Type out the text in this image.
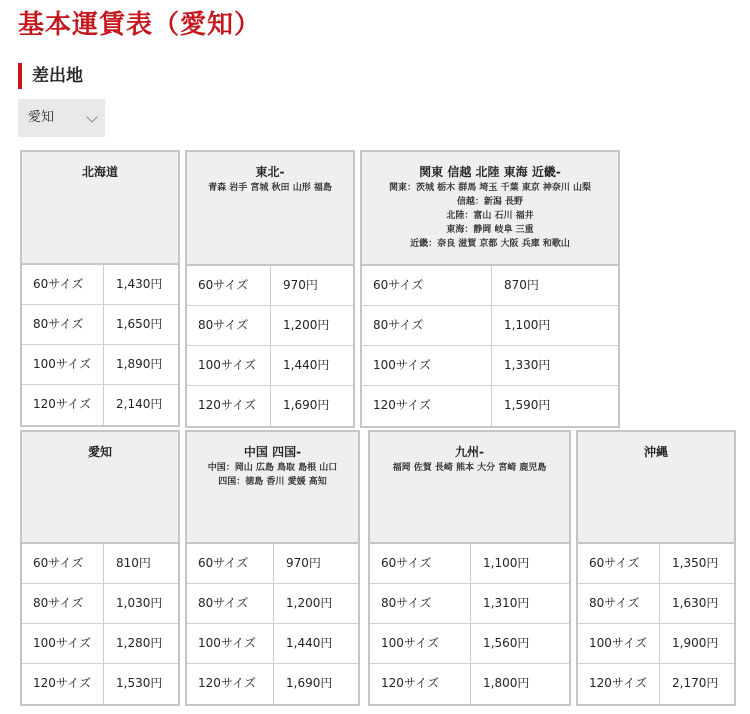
基本運賃表（愛知）
差出地
愛知
北海道
60サイズ	1,430円
80サイズ	1,650円
100サイズ	1,890円
120サイズ	2,140円
東北-
青森 岩手 宮城 秋田 山形 福島
60サイズ	970円
80サイズ	1,200円
100サイズ	1,440円
120サイズ	1,690円
関東 信越 北陸 東海 近畿-
関東：茨城 栃木 群馬 埼玉 千葉 東京 神奈川 山梨
信越：新潟 長野
北陸：富山 石川 福井
東海：静岡 岐阜 三重
近畿：奈良 滋賀 京都 大阪 兵庫 和歌山
60サイズ	870円
80サイズ	1,100円
100サイズ	1,330円
120サイズ	1,590円
愛知
60サイズ	810円
80サイズ	1,030円
100サイズ	1,280円
120サイズ	1,530円
中国 四国-
中国：岡山 広島 鳥取 島根 山口
四国：徳島 香川 愛媛 高知
60サイズ	970円
80サイズ	1,200円
100サイズ	1,440円
120サイズ	1,690円
九州-
福岡 佐賀 長崎 熊本 大分 宮崎 鹿児島
60サイズ	1,100円
80サイズ	1,310円
100サイズ	1,560円
120サイズ	1,800円
沖縄
60サイズ	1,350円
80サイズ	1,630円
100サイズ	1,900円
120サイズ	2,170円
